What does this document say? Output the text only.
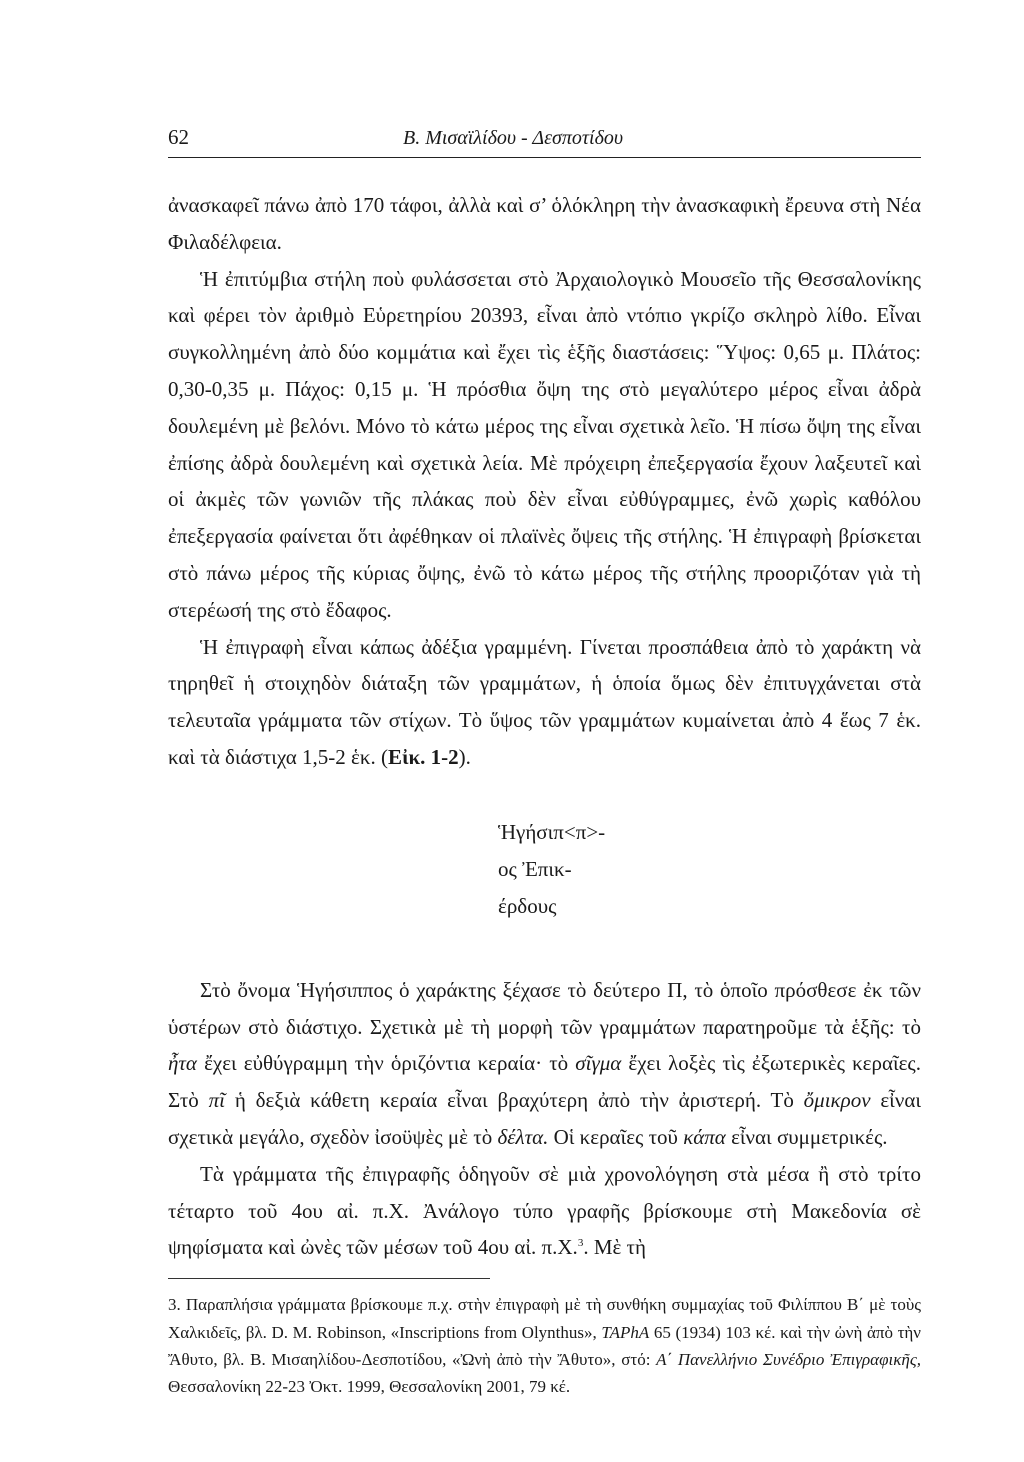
62	Β. Μισαϊλίδου - Δεσποτίδου

ἀνασκαφεῖ πάνω ἀπὸ 170 τάφοι, ἀλλὰ καὶ σ’ ὁλόκληρη τὴν ἀνασκαφικὴ ἔρευνα στὴ Νέα Φιλαδέλφεια.

Ἡ ἐπιτύμβια στήλη ποὺ φυλάσσεται στὸ Ἀρχαιολογικὸ Μουσεῖο τῆς Θεσσαλονίκης καὶ φέρει τὸν ἀριθμὸ Εὑρετηρίου 20393, εἶναι ἀπὸ ντόπιο γκρίζο σκληρὸ λίθο. Εἶναι συγκολλημένη ἀπὸ δύο κομμάτια καὶ ἔχει τὶς ἑξῆς διαστάσεις: Ὕψος: 0,65 μ. Πλάτος: 0,30-0,35 μ. Πάχος: 0,15 μ. Ἡ πρόσθια ὄψη της στὸ μεγαλύτερο μέρος εἶναι ἀδρὰ δουλεμένη μὲ βελόνι. Μόνο τὸ κάτω μέρος της εἶναι σχετικὰ λεῖο. Ἡ πίσω ὄψη της εἶναι ἐπίσης ἀδρὰ δουλεμένη καὶ σχετικὰ λεία. Μὲ πρόχειρη ἐπεξεργασία ἔχουν λαξευτεῖ καὶ οἱ ἀκμὲς τῶν γωνιῶν τῆς πλάκας ποὺ δὲν εἶναι εὐθύγραμμες, ἐνῶ χωρὶς καθόλου ἐπεξεργασία φαίνεται ὅτι ἀφέθηκαν οἱ πλαϊνὲς ὄψεις τῆς στήλης. Ἡ ἐπιγραφὴ βρίσκεται στὸ πάνω μέρος τῆς κύριας ὄψης, ἐνῶ τὸ κάτω μέρος τῆς στήλης προοριζόταν γιὰ τὴ στερέωσή της στὸ ἔδαφος.

Ἡ ἐπιγραφὴ εἶναι κάπως ἀδέξια γραμμένη. Γίνεται προσπάθεια ἀπὸ τὸ χαράκτη νὰ τηρηθεῖ ἡ στοιχηδὸν διάταξη τῶν γραμμάτων, ἡ ὁποία ὅμως δὲν ἐπιτυγχάνεται στὰ τελευταῖα γράμματα τῶν στίχων. Τὸ ὕψος τῶν γραμμάτων κυμαίνεται ἀπὸ 4 ἕως 7 ἑκ. καὶ τὰ διάστιχα 1,5-2 ἑκ. (Εἰκ. 1-2).

Ἡγήσιπ<π>-
ος Ἐπικ-
έρδους

Στὸ ὄνομα Ἡγήσιππος ὁ χαράκτης ξέχασε τὸ δεύτερο Π, τὸ ὁποῖο πρόσθεσε ἐκ τῶν ὑστέρων στὸ διάστιχο. Σχετικὰ μὲ τὴ μορφὴ τῶν γραμμάτων παρατηροῦμε τὰ ἑξῆς: τὸ ἦτα ἔχει εὐθύγραμμη τὴν ὁριζόντια κεραία· τὸ σῖγμα ἔχει λοξὲς τὶς ἐξωτερικὲς κεραῖες. Στὸ πῖ ἡ δεξιὰ κάθετη κεραία εἶναι βραχύτερη ἀπὸ τὴν ἀριστερή. Τὸ ὄμικρον εἶναι σχετικὰ μεγάλο, σχεδὸν ἰσοϋψὲς μὲ τὸ δέλτα. Οἱ κεραῖες τοῦ κάπα εἶναι συμμετρικές.

Τὰ γράμματα τῆς ἐπιγραφῆς ὁδηγοῦν σὲ μιὰ χρονολόγηση στὰ μέσα ἢ στὸ τρίτο τέταρτο τοῦ 4ου αἰ. π.Χ. Ἀνάλογο τύπο γραφῆς βρίσκουμε στὴ Μακεδονία σὲ ψηφίσματα καὶ ὠνὲς τῶν μέσων τοῦ 4ου αἰ. π.Χ.$^3$. Μὲ τὴ

3. Παραπλήσια γράμματα βρίσκουμε π.χ. στὴν ἐπιγραφὴ μὲ τὴ συνθήκη συμμαχίας τοῦ Φιλίππου Β΄ μὲ τοὺς Χαλκιδεῖς, βλ. D. M. Robinson, «Inscriptions from Olynthus», TAPhA 65 (1934) 103 κέ. καὶ τὴν ὠνὴ ἀπὸ τὴν Ἄθυτο, βλ. Β. Μισαηλίδου-Δεσποτίδου, «Ὠνὴ ἀπὸ τὴν Ἄθυτο», στό: Α΄ Πανελλήνιο Συνέδριο Ἐπιγραφικῆς, Θεσσαλονίκη 22-23 Ὀκτ. 1999, Θεσσαλονίκη 2001, 79 κέ.
